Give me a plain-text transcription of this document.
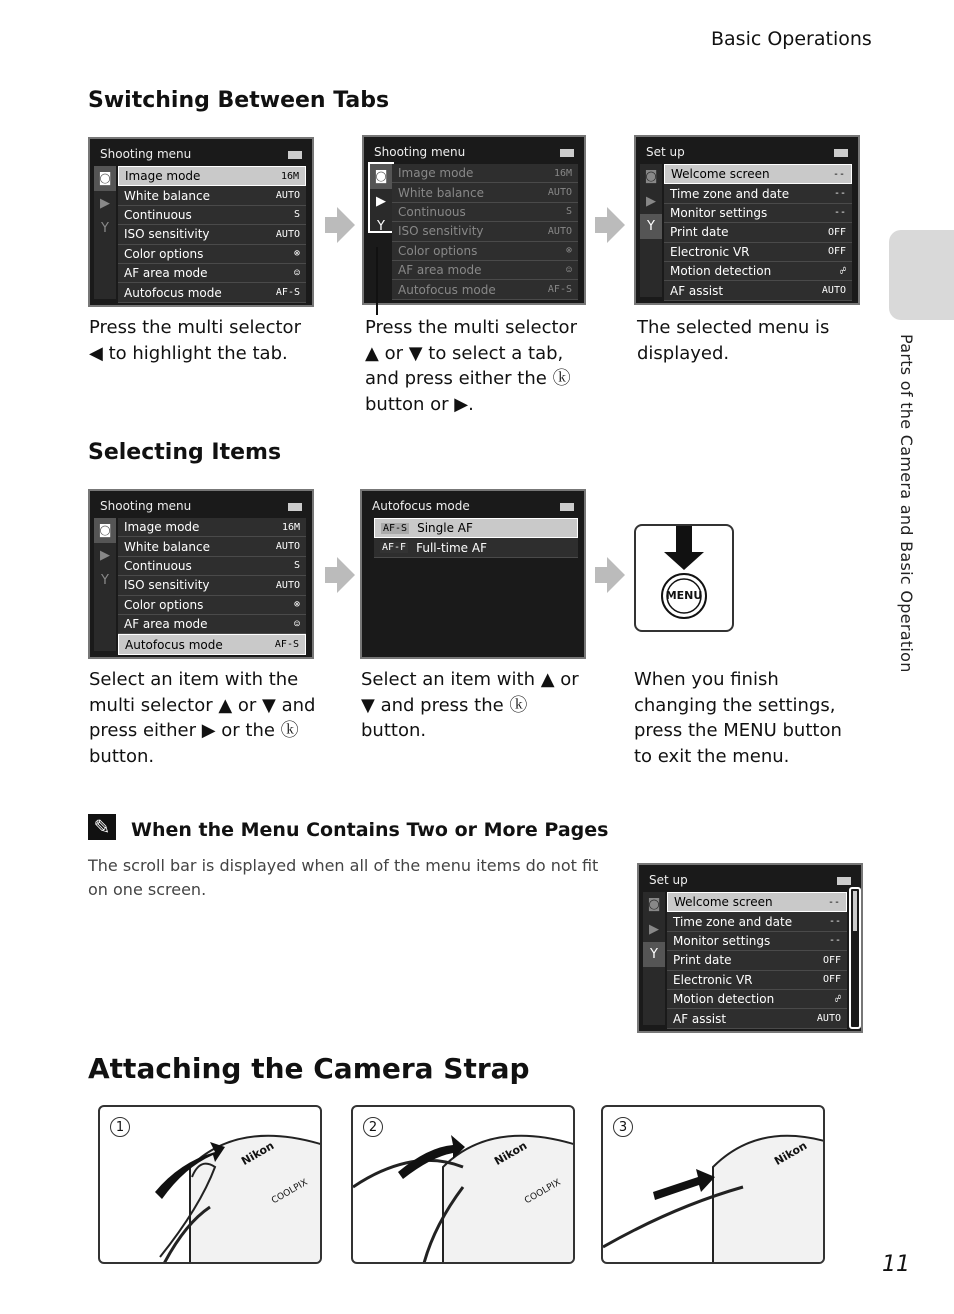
Basic Operations
Parts of the Camera and Basic Operation
Switching Between Tabs
Shooting menu
◙
▶
Y
Image mode	16M
White balance	AUTO
Continuous	S
ISO sensitivity	AUTO
Color options	⊗
AF area mode	☺
Autofocus mode	AF-S
Shooting menu
◙
▶
Y
Image mode	16M
White balance	AUTO
Continuous	S
ISO sensitivity	AUTO
Color options	⊗
AF area mode	☺
Autofocus mode	AF-S
Set up
◙
▶
Y
Welcome screen	--
Time zone and date	--
Monitor settings	--
Print date	OFF
Electronic VR	OFF
Motion detection	☍
AF assist	AUTO
Press the multi selector ◀ to highlight the tab.
Press the multi selector ▲ or ▼ to select a tab, and press either the ⓚ button or ▶.
The selected menu is displayed.
Selecting Items
Shooting menu
◙
▶
Y
Image mode	16M
White balance	AUTO
Continuous	S
ISO sensitivity	AUTO
Color options	⊗
AF area mode	☺
Autofocus mode	AF-S
Autofocus mode
AF-S Single AF
AF-F Full-time AF
MENU
Select an item with the multi selector ▲ or ▼ and press either ▶ or the ⓚ button.
Select an item with ▲ or ▼ and press the ⓚ button.
When you finish changing the settings, press the MENU button to exit the menu.
✎ When the Menu Contains Two or More Pages
The scroll bar is displayed when all of the menu items do not fit on one screen.	Set up
◙
▶
Y
Welcome screen	--
Time zone and date	--
Monitor settings	--
Print date	OFF
Electronic VR	OFF
Motion detection	☍
AF assist	AUTO
Attaching the Camera Strap
1
Nikon
COOLPIX
2
Nikon
COOLPIX
3
Nikon
11
